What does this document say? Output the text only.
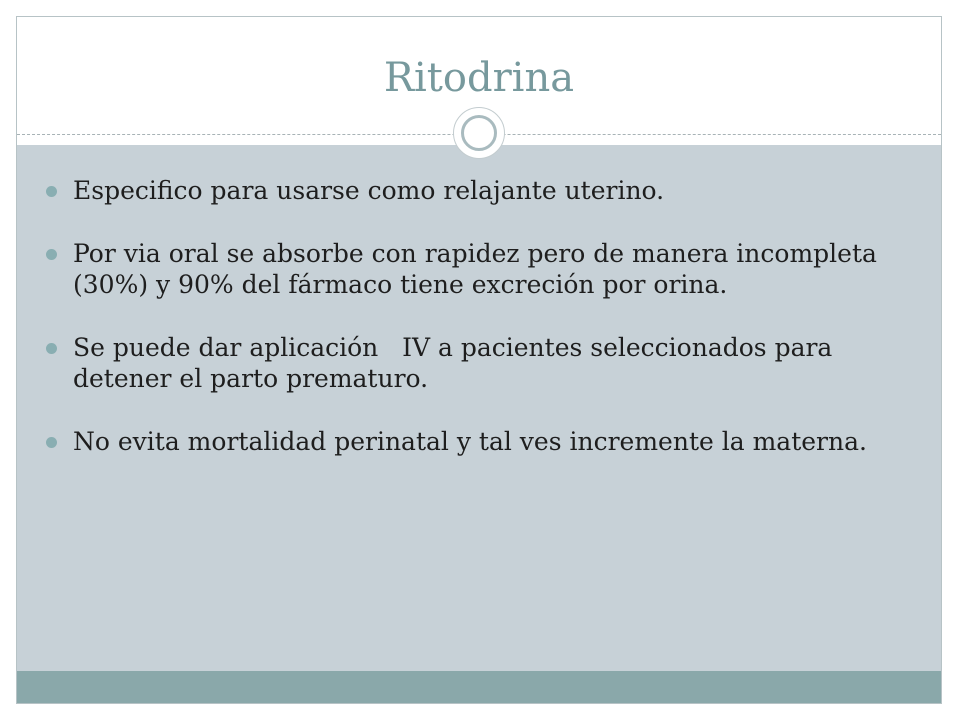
Ritodrina
Especifico para usarse como relajante uterino.
Por via oral se absorbe con rapidez pero de manera incompleta (30%) y 90% del fármaco tiene excreción por orina.
Se puede dar aplicación   IV a pacientes seleccionados para detener el parto prematuro.
No evita mortalidad perinatal y tal ves incremente la materna.
